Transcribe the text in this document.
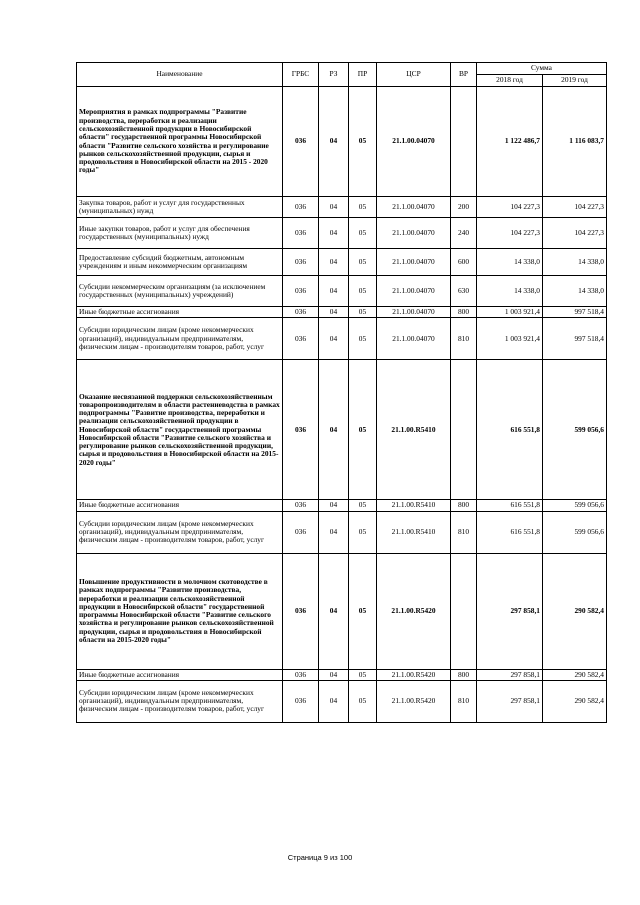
Наименование	ГРБС	РЗ	ПР	ЦСР	ВР	Сумма	
						2018 год	2019 год
Мероприятия в рамках подпрограммы "Развитие производства, переработки и реализации сельскохозяйственной продукции в Новосибирской области" государственной программы Новосибирской области "Развитие сельского хозяйства и регулирование рынков сельскохозяйственной продукции, сырья и продовольствия в Новосибирской области на 2015 - 2020 годы"	036	04	05	21.1.00.04070		1 122 486,7	1 116 083,7
Закупка товаров, работ и услуг для государственных (муниципальных) нужд	036	04	05	21.1.00.04070	200	104 227,3	104 227,3
Иные закупки товаров, работ и услуг для обеспечения государственных (муниципальных) нужд	036	04	05	21.1.00.04070	240	104 227,3	104 227,3
Предоставление субсидий бюджетным, автономным учреждениям и иным некоммерческим организациям	036	04	05	21.1.00.04070	600	14 338,0	14 338,0
Субсидии некоммерческим организациям (за исключением государственных (муниципальных) учреждений)	036	04	05	21.1.00.04070	630	14 338,0	14 338,0
Иные бюджетные ассигнования	036	04	05	21.1.00.04070	800	1 003 921,4	997 518,4
Субсидии юридическим лицам (кроме некоммерческих организаций), индивидуальным предпринимателям, физическим лицам - производителям товаров, работ, услуг	036	04	05	21.1.00.04070	810	1 003 921,4	997 518,4
Оказание несвязанной поддержки сельскохозяйственным товаропроизводителям в области растениеводства в рамках подпрограммы "Развитие производства, переработки и реализации сельскохозяйственной продукции в Новосибирской области" государственной программы Новосибирской области "Развитие сельского хозяйства и регулирование рынков сельскохозяйственной продукции, сырья и продовольствия в Новосибирской области на 2015-2020 годы"	036	04	05	21.1.00.R5410		616 551,8	599 056,6
Иные бюджетные ассигнования	036	04	05	21.1.00.R5410	800	616 551,8	599 056,6
Субсидии юридическим лицам (кроме некоммерческих организаций), индивидуальным предпринимателям, физическим лицам - производителям товаров, работ, услуг	036	04	05	21.1.00.R5410	810	616 551,8	599 056,6
Повышение продуктивности в молочном скотоводстве в рамках подпрограммы "Развитие производства, переработки и реализации сельскохозяйственной продукции в Новосибирской области" государственной программы Новосибирской области "Развитие сельского хозяйства и регулирование рынков сельскохозяйственной продукции, сырья и продовольствия в Новосибирской области на 2015-2020 годы"	036	04	05	21.1.00.R5420		297 858,1	290 582,4
Иные бюджетные ассигнования	036	04	05	21.1.00.R5420	800	297 858,1	290 582,4
Субсидии юридическим лицам (кроме некоммерческих организаций), индивидуальным предпринимателям, физическим лицам - производителям товаров, работ, услуг	036	04	05	21.1.00.R5420	810	297 858,1	290 582,4
Страница 9 из 100
